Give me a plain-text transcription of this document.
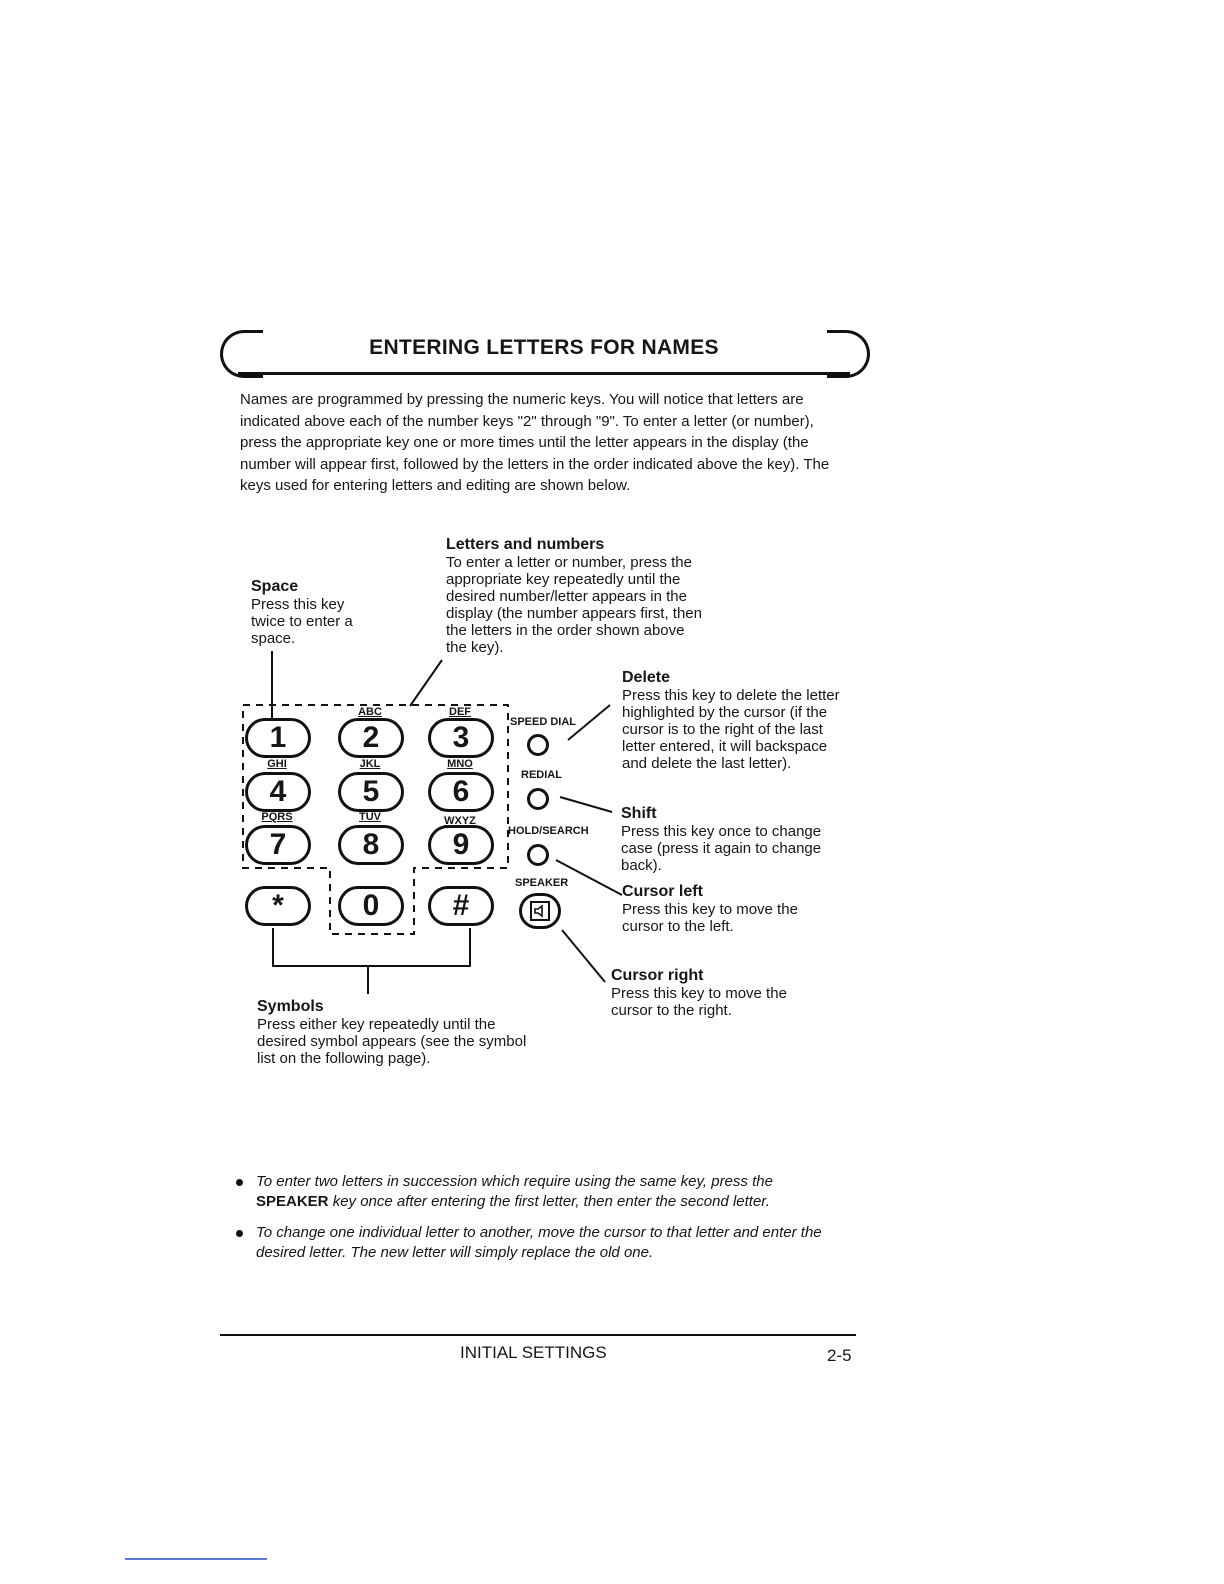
ENTERING LETTERS FOR NAMES
Names are programmed by pressing the numeric keys. You will notice that letters are indicated above each of the number keys "2" through "9". To enter a letter (or number), press the appropriate key one or more times until the letter appears in the display (the number will appear first, followed by the letters in the order indicated above the key). The keys used for entering letters and editing are shown below.
Letters and numbers
To enter a letter or number, press the appropriate key repeatedly until the desired number/letter appears in the display (the number appears first, then the letters in the order shown above the key).
Space
Press this key twice to enter a space.
Delete
Press this key to delete the letter highlighted by the cursor (if the cursor is to the right of the last letter entered, it will backspace and delete the last letter).
Shift
Press this key once to change case (press it again to change back).
Cursor left
Press this key to move the cursor to the left.
Cursor right
Press this key to move the cursor to the right.
Symbols
Press either key repeatedly until the desired symbol appears (see the symbol list on the following page).
1	2	3
4	5	6
7	8	9
*	0	#
ABC	DEF
GHI	JKL	MNO
PQRS	TUV	WXYZ
SPEED DIAL
REDIAL
HOLD/SEARCH
SPEAKER
To enter two letters in succession which require using the same key, press the SPEAKER key once after entering the first letter, then enter the second letter.
To change one individual letter to another, move the cursor to that letter and enter the desired letter. The new letter will simply replace the old one.
INITIAL SETTINGS	2-5
